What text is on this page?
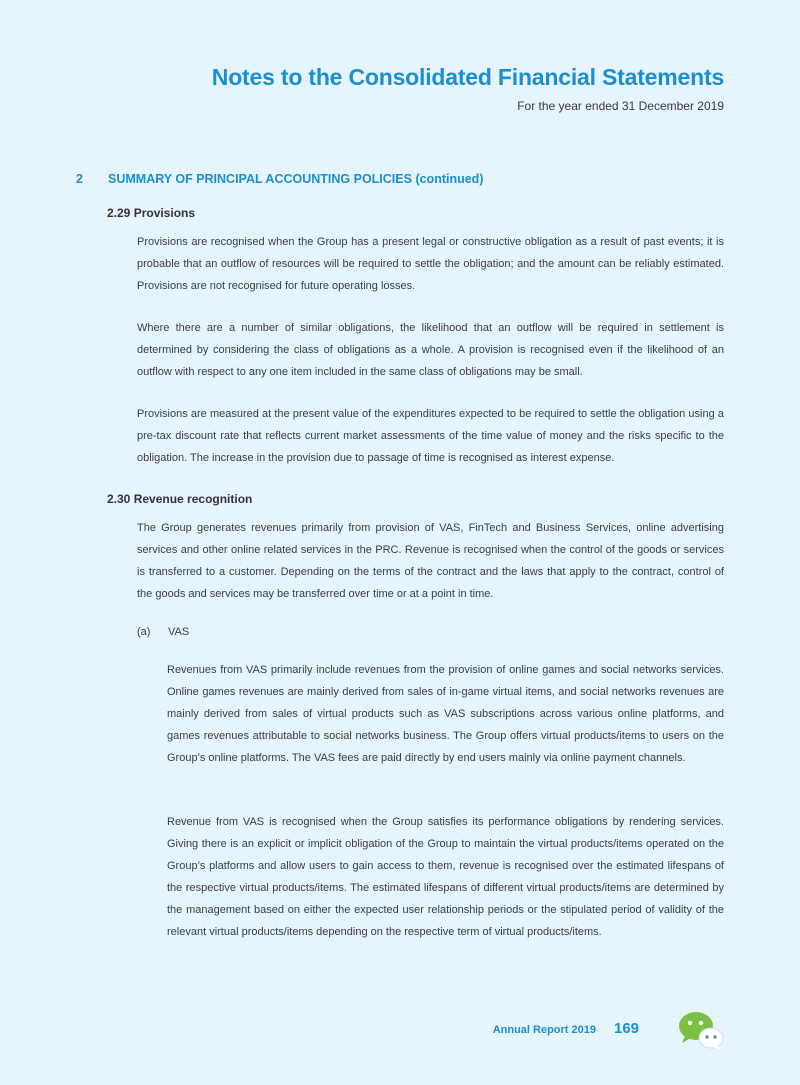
Notes to the Consolidated Financial Statements
For the year ended 31 December 2019
2 SUMMARY OF PRINCIPAL ACCOUNTING POLICIES (continued)
2.29 Provisions

Provisions are recognised when the Group has a present legal or constructive obligation as a result of past events; it is probable that an outflow of resources will be required to settle the obligation; and the amount can be reliably estimated. Provisions are not recognised for future operating losses.

Where there are a number of similar obligations, the likelihood that an outflow will be required in settlement is determined by considering the class of obligations as a whole. A provision is recognised even if the likelihood of an outflow with respect to any one item included in the same class of obligations may be small.

Provisions are measured at the present value of the expenditures expected to be required to settle the obligation using a pre-tax discount rate that reflects current market assessments of the time value of money and the risks specific to the obligation. The increase in the provision due to passage of time is recognised as interest expense.

2.30 Revenue recognition

The Group generates revenues primarily from provision of VAS, FinTech and Business Services, online advertising services and other online related services in the PRC. Revenue is recognised when the control of the goods or services is transferred to a customer. Depending on the terms of the contract and the laws that apply to the contract, control of the goods and services may be transferred over time or at a point in time.

(a) VAS

Revenues from VAS primarily include revenues from the provision of online games and social networks services. Online games revenues are mainly derived from sales of in-game virtual items, and social networks revenues are mainly derived from sales of virtual products such as VAS subscriptions across various online platforms, and games revenues attributable to social networks business. The Group offers virtual products/items to users on the Group’s online platforms. The VAS fees are paid directly by end users mainly via online payment channels.

Revenue from VAS is recognised when the Group satisfies its performance obligations by rendering services. Giving there is an explicit or implicit obligation of the Group to maintain the virtual products/items operated on the Group’s platforms and allow users to gain access to them, revenue is recognised over the estimated lifespans of the respective virtual products/items. The estimated lifespans of different virtual products/items are determined by the management based on either the expected user relationship periods or the stipulated period of validity of the relevant virtual products/items depending on the respective term of virtual products/items.

Annual Report 2019 169
